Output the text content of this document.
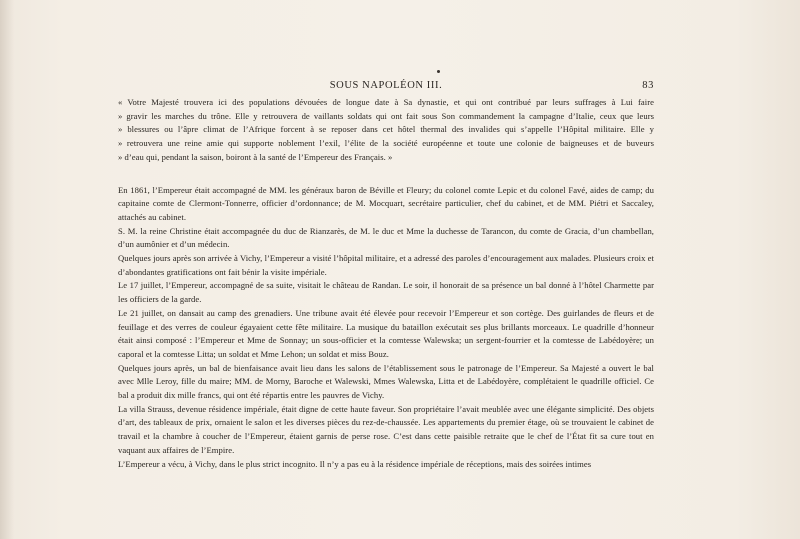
SOUS NAPOLÉON III.	83
« Votre Majesté trouvera ici des populations dévouées de longue date à Sa dynastie, et qui ont contribué par leurs suffrages à Lui faire
» gravir les marches du trône. Elle y retrouvera de vaillants soldats qui ont fait sous Son commandement la campagne d’Italie, ceux que leurs
» blessures ou l’âpre climat de l’Afrique forcent à se reposer dans cet hôtel thermal des invalides qui s’appelle l’Hôpital militaire. Elle y
» retrouvera une reine amie qui supporte noblement l’exil, l’élite de la société européenne et toute une colonie de baigneuses et de buveurs
» d’eau qui, pendant la saison, boiront à la santé de l’Empereur des Français. »

En 1861, l’Empereur était accompagné de MM. les généraux baron de Béville et Fleury; du colonel comte Lepic et du colonel Favé, aides de camp; du capitaine comte de Clermont-Tonnerre, officier d’ordonnance; de M. Mocquart, secrétaire particulier, chef du cabinet, et de MM. Piétri et Saccaley, attachés au cabinet.

S. M. la reine Christine était accompagnée du duc de Rianzarès, de M. le duc et Mme la duchesse de Tarancon, du comte de Gracia, d’un chambellan, d’un aumônier et d’un médecin.

Quelques jours après son arrivée à Vichy, l’Empereur a visité l’hôpital militaire, et a adressé des paroles d’encouragement aux malades. Plusieurs croix et d’abondantes gratifications ont fait bénir la visite impériale.

Le 17 juillet, l’Empereur, accompagné de sa suite, visitait le château de Randan. Le soir, il honorait de sa présence un bal donné à l’hôtel Charmette par les officiers de la garde.

Le 21 juillet, on dansait au camp des grenadiers. Une tribune avait été élevée pour recevoir l’Empereur et son cortège. Des guirlandes de fleurs et de feuillage et des verres de couleur égayaient cette fête militaire. La musique du bataillon exécutait ses plus brillants morceaux. Le quadrille d’honneur était ainsi composé : l’Empereur et Mme de Sonnay; un sous-officier et la comtesse Walewska; un sergent-fourrier et la comtesse de Labédoyère; un caporal et la comtesse Litta; un soldat et Mme Lehon; un soldat et miss Bouz.

Quelques jours après, un bal de bienfaisance avait lieu dans les salons de l’établissement sous le patronage de l’Empereur. Sa Majesté a ouvert le bal avec Mlle Leroy, fille du maire; MM. de Morny, Baroche et Walewski, Mmes Walewska, Litta et de Labédoyère, complétaient le quadrille officiel. Ce bal a produit dix mille francs, qui ont été répartis entre les pauvres de Vichy.

La villa Strauss, devenue résidence impériale, était digne de cette haute faveur. Son propriétaire l’avait meublée avec une élégante simplicité. Des objets d’art, des tableaux de prix, ornaient le salon et les diverses pièces du rez-de-chaussée. Les appartements du premier étage, où se trouvaient le cabinet de travail et la chambre à coucher de l’Empereur, étaient garnis de perse rose. C’est dans cette paisible retraite que le chef de l’État fit sa cure tout en vaquant aux affaires de l’Empire.

L’Empereur a vécu, à Vichy, dans le plus strict incognito. Il n’y a pas eu à la résidence impériale de réceptions, mais des soirées intimes
